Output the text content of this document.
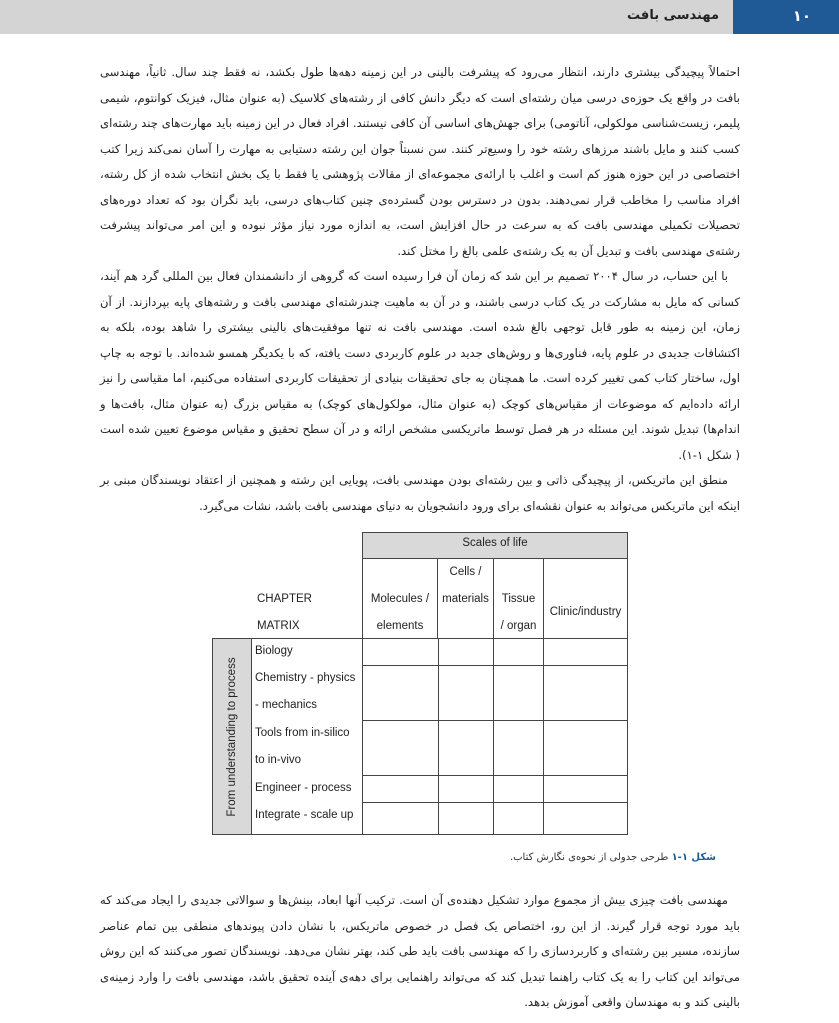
مهندسی بافت	۱۰

احتمالاً پیچیدگی بیشتری دارند، انتظار می‌رود که پیشرفت بالینی در این زمینه دهه‌ها طول بکشد، نه فقط چند سال. ثانیاً، مهندسی بافت در واقع یک حوزه‌ی درسی میان رشته‌ای است که دیگر دانش کافی از رشته‌های کلاسیک (به عنوان مثال، فیزیک کوانتوم، شیمی پلیمر، زیست‌شناسی مولکولی، آناتومی) برای جهش‌های اساسی آن کافی نیستند. افراد فعال در این زمینه باید مهارت‌های چند رشته‌ای کسب کنند و مایل باشند مرزهای رشته خود را وسیع‌تر کنند. سن نسبتاً جوان این رشته دستیابی به مهارت را آسان نمی‌کند زیرا کتب اختصاصی در این حوزه هنوز کم است و اغلب با ارائه‌ی مجموعه‌ای از مقالات پژوهشی یا فقط با یک بخش انتخاب شده از کل رشته، افراد مناسب را مخاطب قرار نمی‌دهند. بدون در دسترس بودن گسترده‌ی چنین کتاب‌های درسی، باید نگران بود که تعداد دوره‌های تحصیلات تکمیلی مهندسی بافت که به سرعت در حال افزایش است، به اندازه مورد نیاز مؤثر نبوده و این امر می‌تواند پیشرفت رشته‌ی مهندسی بافت و تبدیل آن به یک رشته‌ی علمی بالغ را مختل کند.

با این حساب، در سال ۲۰۰۴ تصمیم بر این شد که زمان آن فرا رسیده است که گروهی از دانشمندان فعال بین المللی گرد هم آیند، کسانی که مایل به مشارکت در یک کتاب درسی باشند، و در آن به ماهیت چندرشته‌ای مهندسی بافت و رشته‌های پایه بپردازند. از آن زمان، این زمینه به طور قابل توجهی بالغ شده است. مهندسی بافت نه تنها موفقیت‌های بالینی بیشتری را شاهد بوده، بلکه به اکتشافات جدیدی در علوم پایه، فناوری‌ها و روش‌های جدید در علوم کاربردی دست یافته، که با یکدیگر همسو شده‌اند. با توجه به چاپ اول، ساختار کتاب کمی تغییر کرده است. ما همچنان به جای تحقیقات بنیادی از تحقیقات کاربردی استفاده می‌کنیم، اما مقیاسی را نیز ارائه داده‌ایم که موضوعات از مقیاس‌های کوچک (به عنوان مثال، مولکول‌های کوچک) به مقیاس بزرگ (به عنوان مثال، بافت‌ها و اندام‌ها) تبدیل شوند. این مسئله در هر فصل توسط ماتریکسی مشخص ارائه و در آن سطح تحقیق و مقیاس موضوع تعیین شده است ( شکل ۱-۱).

منطق این ماتریکس، از پیچیدگی ذاتی و بین رشته‌ای بودن مهندسی بافت، پویایی این رشته و همچنین از اعتقاد نویسندگان مبنی بر اینکه این ماتریکس می‌تواند به عنوان نقشه‌ای برای ورود دانشجویان به دنیای مهندسی بافت باشد، نشات می‌گیرد.

Scales of life
CHAPTER
MATRIX
Molecules /
elements
Cells /
materials	Tissue
/ organ
Clinic/industry
From understanding to process
Biology
Chemistry - physics
- mechanics
Tools from in-silico
to in-vivo
Engineer - process
Integrate - scale up
شکل ۱-۱ طرحی جدولی از نحوه‌ی نگارش کتاب.

مهندسی بافت چیزی بیش از مجموع موارد تشکیل دهنده‌ی آن است. ترکیب آنها ابعاد، بینش‌ها و سوالاتی جدیدی را ایجاد می‌کند که باید مورد توجه قرار گیرند. از این رو، اختصاص یک فصل در خصوص ماتریکس، با نشان دادن پیوندهای منطقی بین تمام عناصر سازنده، مسیر بین رشته‌ای و کاربردسازی را که مهندسی بافت باید طی کند، بهتر نشان می‌دهد. نویسندگان تصور می‌کنند که این روش می‌تواند این کتاب را به یک کتاب راهنما تبدیل کند که می‌تواند راهنمایی برای دهه‌ی آینده تحقیق باشد، مهندسی بافت را وارد زمینه‌ی بالینی کند و به مهندسان واقعی آموزش بدهد.
